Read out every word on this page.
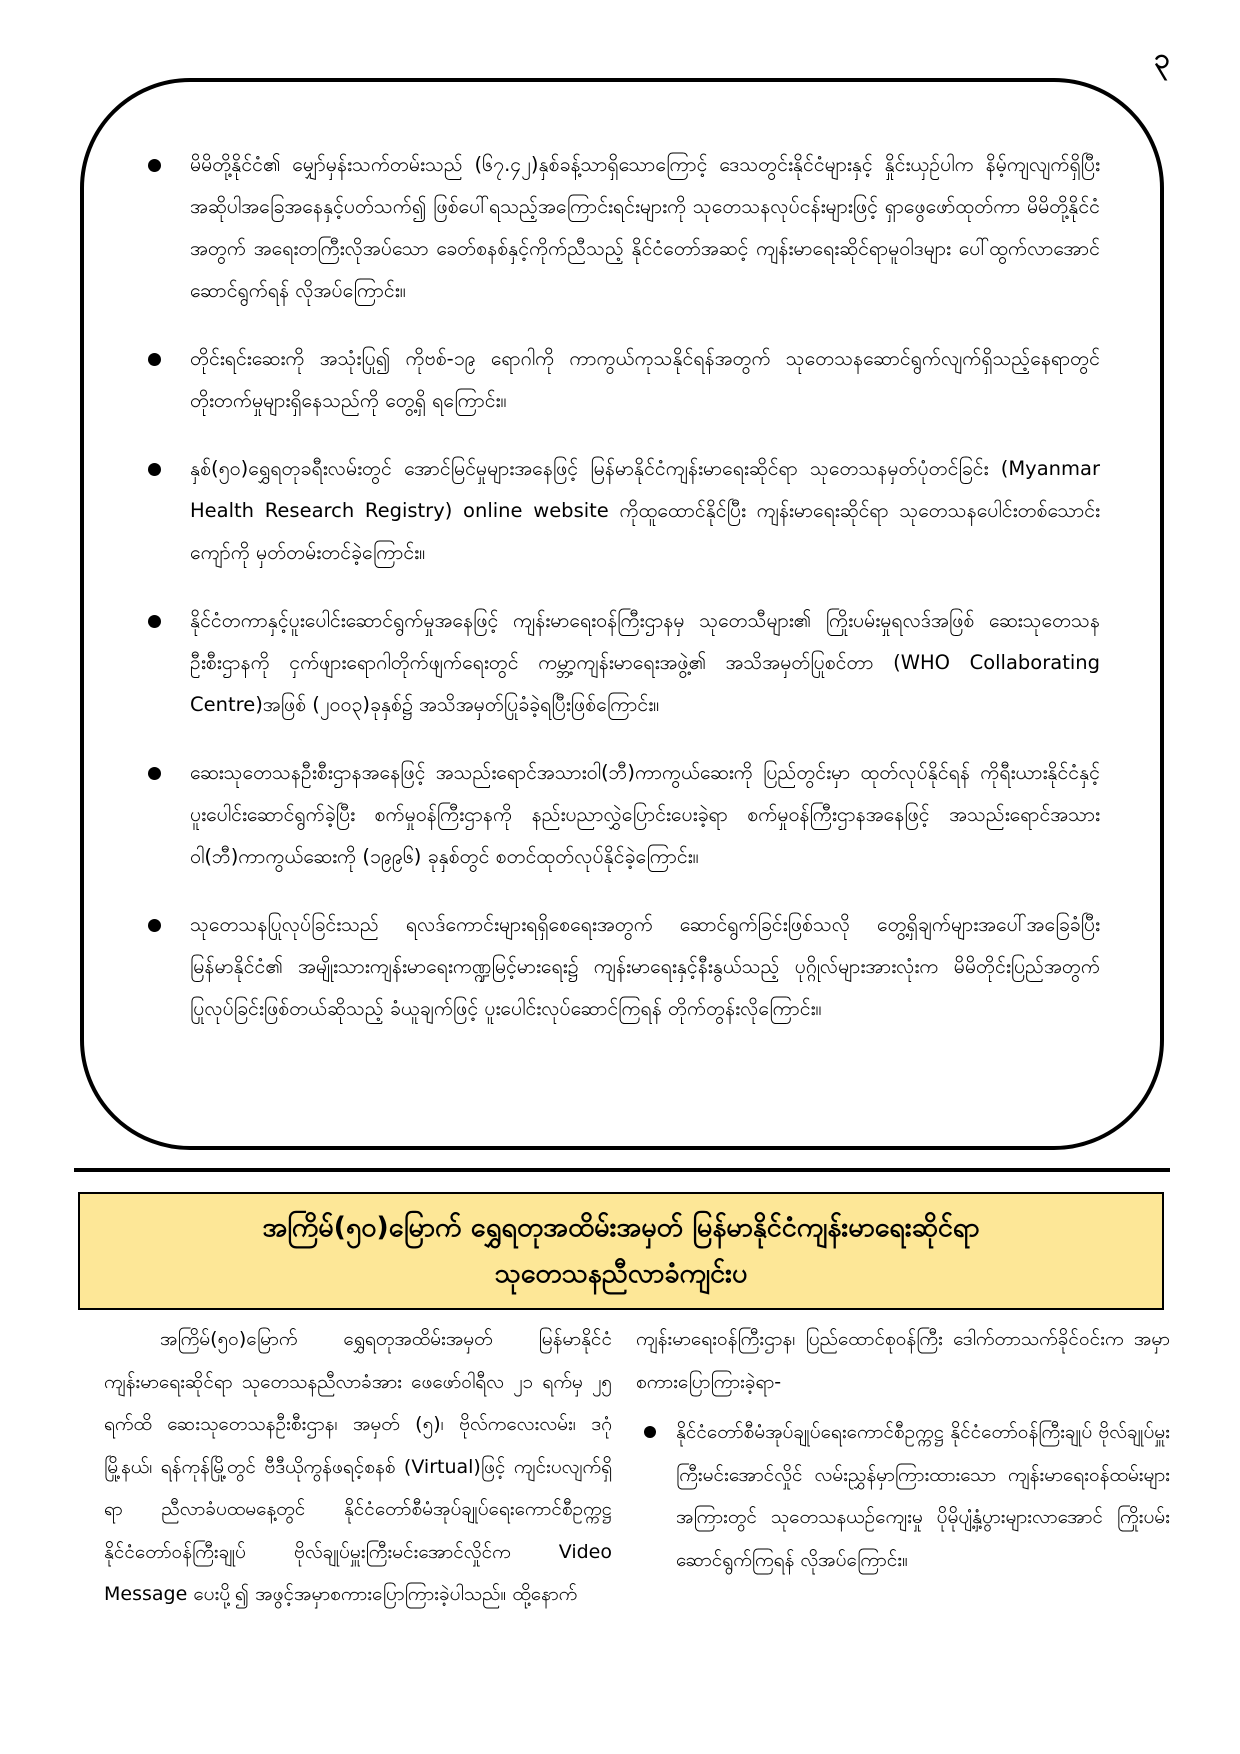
၃
မိမိတို့နိုင်ငံ၏ မျှော်မှန်းသက်တမ်းသည် (၆၇.၄၂)နှစ်ခန့်သာရှိသောကြောင့် ဒေသတွင်းနိုင်ငံများနှင့် နှိုင်းယှဉ်ပါက နိမ့်ကျလျက်ရှိပြီး အဆိုပါအခြေအနေနှင့်ပတ်သက်၍ ဖြစ်ပေါ်ရသည့်အကြောင်းရင်းများကို သုတေသနလုပ်ငန်းများဖြင့် ရှာဖွေဖော်ထုတ်ကာ မိမိတို့နိုင်ငံအတွက် အရေးတကြီးလိုအပ်သော ခေတ်စနစ်နှင့်ကိုက်ညီသည့် နိုင်ငံတော်အဆင့် ကျန်းမာရေးဆိုင်ရာမူဝါဒများ ပေါ်ထွက်လာအောင် ဆောင်ရွက်ရန် လိုအပ်ကြောင်း။
တိုင်းရင်းဆေးကို အသုံးပြု၍ ကိုဗစ်-၁၉ ရောဂါကို ကာကွယ်ကုသနိုင်ရန်အတွက် သုတေသနဆောင်ရွက်လျက်ရှိသည့်နေရာတွင် တိုးတက်မှုများရှိနေသည်ကို တွေ့ရှိ ရကြောင်း။
နှစ်(၅၀)ရွှေရတုခရီးလမ်းတွင် အောင်မြင်မှုများအနေဖြင့် မြန်မာနိုင်ငံကျန်းမာရေးဆိုင်ရာ သုတေသနမှတ်ပုံတင်ခြင်း (Myanmar Health Research Registry) online website ကိုထူထောင်နိုင်ပြီး ကျန်းမာရေးဆိုင်ရာ သုတေသနပေါင်းတစ်သောင်းကျော်ကို မှတ်တမ်းတင်ခဲ့ကြောင်း။
နိုင်ငံတကာနှင့်ပူးပေါင်းဆောင်ရွက်မှုအနေဖြင့် ကျန်းမာရေးဝန်ကြီးဌာနမှ သုတေသီများ၏ ကြိုးပမ်းမှုရလဒ်အဖြစ် ဆေးသုတေသနဦးစီးဌာနကို ငှက်ဖျားရောဂါတိုက်ဖျက်ရေးတွင် ကမ္ဘာ့ကျန်းမာရေးအဖွဲ့၏ အသိအမှတ်ပြုစင်တာ (WHO Collaborating Centre)အဖြစ် (၂၀၀၃)ခုနှစ်၌ အသိအမှတ်ပြုခံခဲ့ရပြီးဖြစ်ကြောင်း။
ဆေးသုတေသနဦးစီးဌာနအနေဖြင့် အသည်းရောင်အသားဝါ(ဘီ)ကာကွယ်ဆေးကို ပြည်တွင်းမှာ ထုတ်လုပ်နိုင်ရန် ကိုရီးယားနိုင်ငံနှင့် ပူးပေါင်းဆောင်ရွက်ခဲ့ပြီး စက်မှုဝန်ကြီးဌာနကို နည်းပညာလွှဲပြောင်းပေးခဲ့ရာ စက်မှုဝန်ကြီးဌာနအနေဖြင့် အသည်းရောင်အသားဝါ(ဘီ)ကာကွယ်ဆေးကို (၁၉၉၆) ခုနှစ်တွင် စတင်ထုတ်လုပ်နိုင်ခဲ့ကြောင်း။
သုတေသနပြုလုပ်ခြင်းသည် ရလဒ်ကောင်းများရရှိစေရေးအတွက် ဆောင်ရွက်ခြင်းဖြစ်သလို တွေ့ရှိချက်များအပေါ်အခြေခံပြီး မြန်မာနိုင်ငံ၏ အမျိုးသားကျန်းမာရေးကဏ္ဍမြင့်မားရေး၌ ကျန်းမာရေးနှင့်နီးနွယ်သည့် ပုဂ္ဂိုလ်များအားလုံးက မိမိတိုင်းပြည်အတွက် ပြုလုပ်ခြင်းဖြစ်တယ်ဆိုသည့် ခံယူချက်ဖြင့် ပူးပေါင်းလုပ်ဆောင်ကြရန် တိုက်တွန်းလိုကြောင်း။
အကြိမ်(၅၀)မြောက် ရွှေရတုအထိမ်းအမှတ် မြန်မာနိုင်ငံကျန်းမာရေးဆိုင်ရာ
သုတေသနညီလာခံကျင်းပ

အကြိမ်(၅၀)မြောက် ရွှေရတုအထိမ်းအမှတ် မြန်မာနိုင်ငံကျန်းမာရေးဆိုင်ရာ သုတေသနညီလာခံအား ဖေဖော်ဝါရီလ ၂၁ ရက်မှ ၂၅ ရက်ထိ ဆေးသုတေသနဦးစီးဌာန၊ အမှတ် (၅)၊ ဗိုလ်ကလေးလမ်း၊ ဒဂုံမြို့နယ်၊ ရန်ကုန်မြို့တွင် ဗီဒီယိုကွန်ဖရင့်စနစ် (Virtual)ဖြင့် ကျင်းပလျက်ရှိရာ ညီလာခံပထမနေ့တွင် နိုင်ငံတော်စီမံအုပ်ချုပ်ရေးကောင်စီဥက္ကဋ္ဌ နိုင်ငံတော်ဝန်ကြီးချုပ် ဗိုလ်ချုပ်မှူးကြီးမင်းအောင်လှိုင်က Video Message ပေးပို့၍ အဖွင့်အမှာစကားပြောကြားခဲ့ပါသည်။ ထို့နောက်

ကျန်းမာရေးဝန်ကြီးဌာန၊ ပြည်ထောင်စုဝန်ကြီး ဒေါက်တာသက်ခိုင်ဝင်းက အမှာစကားပြောကြားခဲ့ရာ-

နိုင်ငံတော်စီမံအုပ်ချုပ်ရေးကောင်စီဥက္ကဋ္ဌ နိုင်ငံတော်ဝန်ကြီးချုပ် ဗိုလ်ချုပ်မှူးကြီးမင်းအောင်လှိုင် လမ်းညွှန်မှာကြားထားသော ကျန်းမာရေးဝန်ထမ်းများအကြားတွင် သုတေသနယဉ်ကျေးမှု ပိုမိုပျံ့နှံ့ပွားများလာအောင် ကြိုးပမ်းဆောင်ရွက်ကြရန် လိုအပ်ကြောင်း။
